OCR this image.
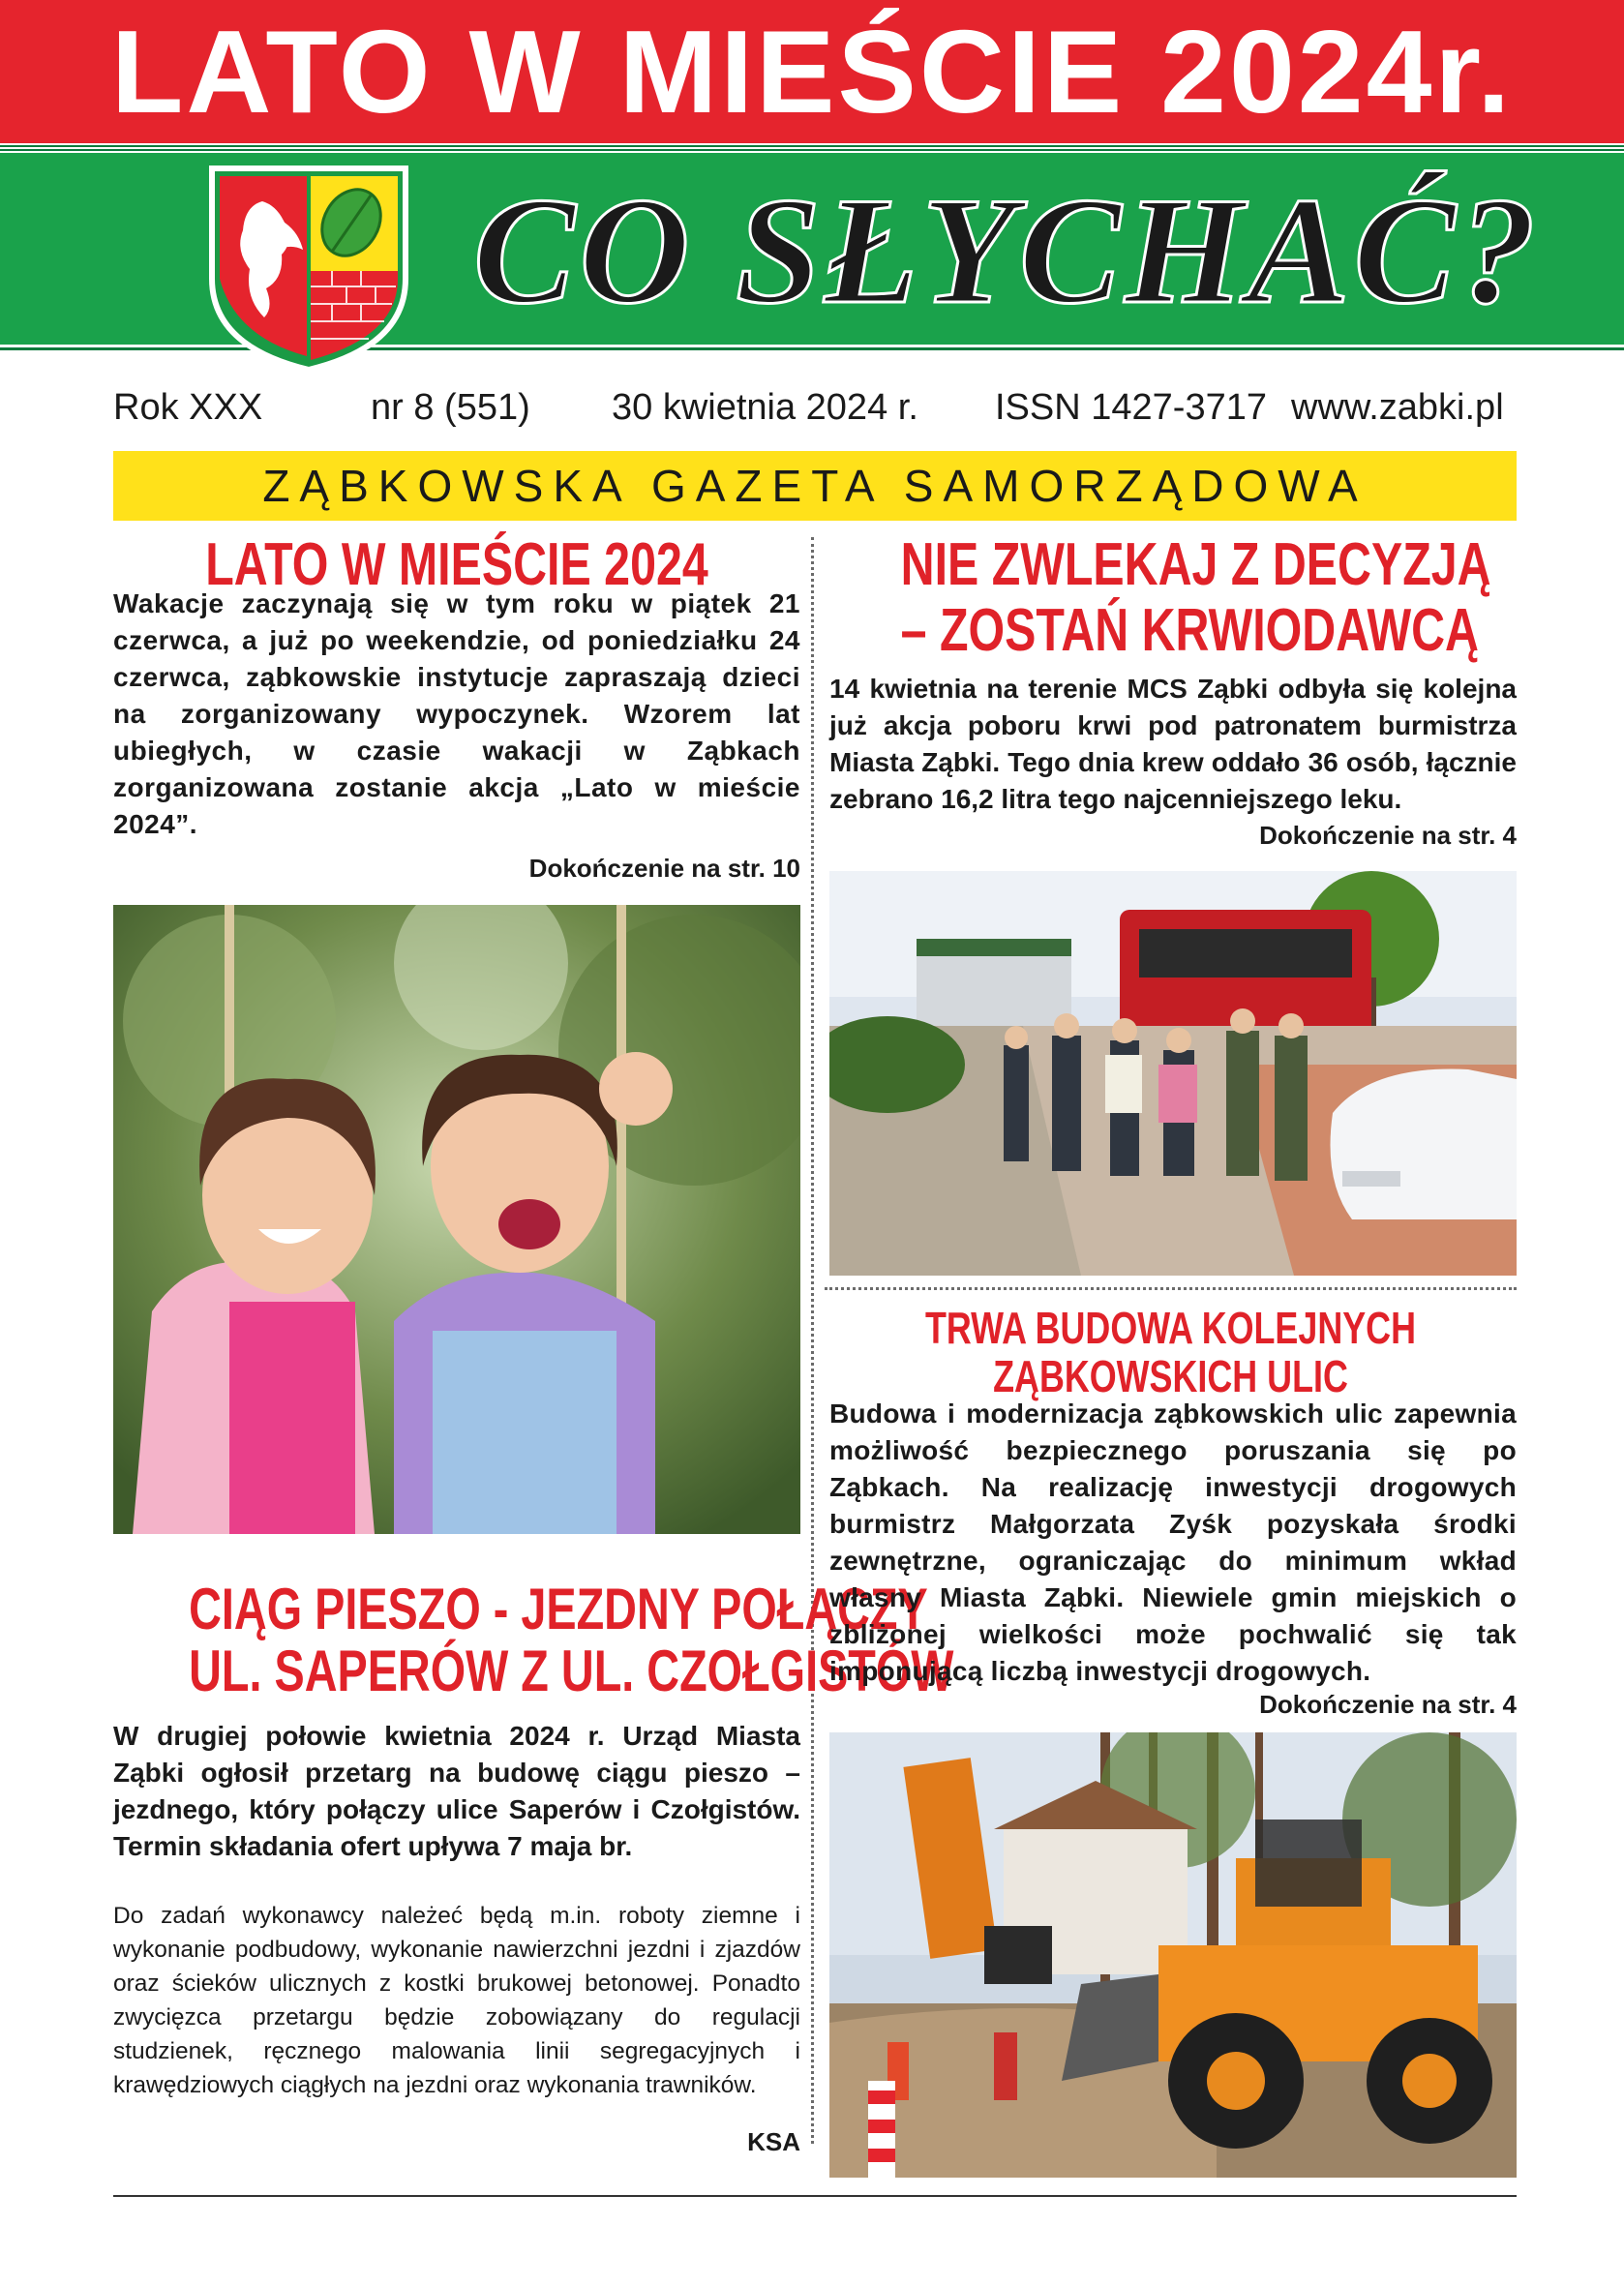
LATO W MIEŚCIE 2024r.
CO SŁYCHAĆ?
Rok XXX	nr 8 (551) 30 kwietnia 2024 r. ISSN 1427-3717 www.zabki.pl
ZĄBKOWSKA GAZETA SAMORZĄDOWA
LATO W MIEŚCIE 2024
Wakacje zaczynają się w tym roku w piątek 21 czerwca, a już po weekendzie, od poniedziałku 24 czerwca, ząbkowskie instytucje zapraszają dzieci na zorganizowany wypoczynek. Wzorem lat ubiegłych, w czasie wakacji w Ząbkach zorganizowana zostanie akcja „Lato w mieście 2024”.
Dokończenie na str. 10
CIĄG PIESZO - JEZDNY POŁĄCZY
UL. SAPERÓW Z UL. CZOŁGISTÓW
W drugiej połowie kwietnia 2024 r. Urząd Miasta Ząbki ogłosił przetarg na budowę ciągu pieszo – jezdnego, który połączy ulice Saperów i Czołgistów. Termin składania ofert upływa 7 maja br.
Do zadań wykonawcy należeć będą m.in. roboty ziemne i wykonanie podbudowy, wykonanie nawierzchni jezdni i zjazdów oraz ścieków ulicznych z kostki brukowej betonowej. Ponadto zwycięzca przetargu będzie zobowiązany do regulacji studzienek, ręcznego malowania linii segregacyjnych i krawędziowych ciągłych na jezdni oraz wykonania trawników.
KSA
NIE ZWLEKAJ Z DECYZJĄ
– ZOSTAŃ KRWIODAWCĄ
14 kwietnia na terenie MCS Ząbki odbyła się kolejna już akcja poboru krwi pod patronatem burmistrza Miasta Ząbki. Tego dnia krew oddało 36 osób, łącznie zebrano 16,2 litra tego najcenniejszego leku.
Dokończenie na str. 4
TRWA BUDOWA KOLEJNYCH
ZĄBKOWSKICH ULIC
Budowa i modernizacja ząbkowskich ulic zapewnia możliwość bezpiecznego poruszania się po Ząbkach. Na realizację inwestycji drogowych burmistrz Małgorzata Zyśk pozyskała środki zewnętrzne, ograniczając do minimum wkład własny Miasta Ząbki. Niewiele gmin miejskich o zbliżonej wielkości może pochwalić się tak imponującą liczbą inwestycji drogowych.
Dokończenie na str. 4
